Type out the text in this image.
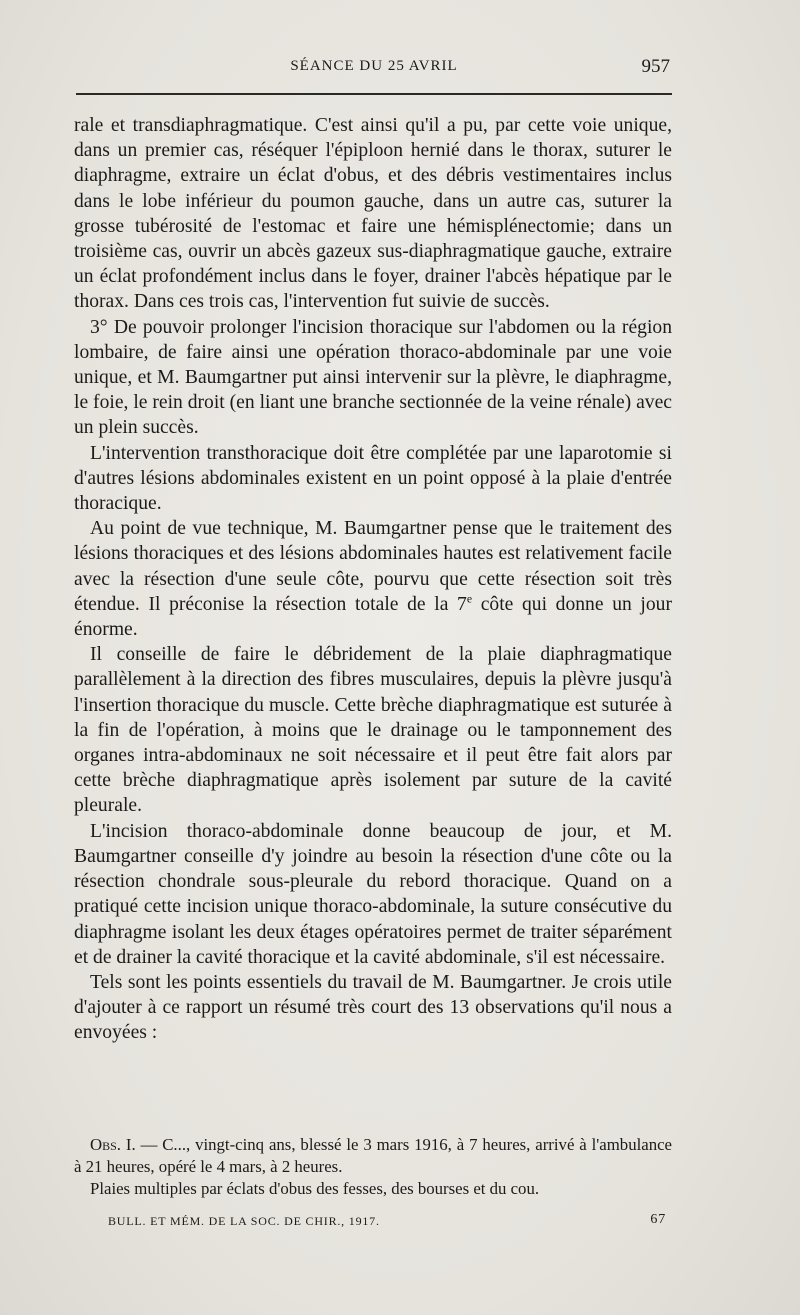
SÉANCE DU 25 AVRIL	957

rale et transdiaphragmatique. C'est ainsi qu'il a pu, par cette voie unique, dans un premier cas, réséquer l'épiploon hernié dans le thorax, suturer le diaphragme, extraire un éclat d'obus, et des débris vestimentaires inclus dans le lobe inférieur du poumon gauche, dans un autre cas, suturer la grosse tubérosité de l'estomac et faire une hémisplénectomie; dans un troisième cas, ouvrir un abcès gazeux sus-diaphragmatique gauche, extraire un éclat profondément inclus dans le foyer, drainer l'abcès hépatique par le thorax. Dans ces trois cas, l'intervention fut suivie de succès.

3° De pouvoir prolonger l'incision thoracique sur l'abdomen ou la région lombaire, de faire ainsi une opération thoraco-abdominale par une voie unique, et M. Baumgartner put ainsi intervenir sur la plèvre, le diaphragme, le foie, le rein droit (en liant une branche sectionnée de la veine rénale) avec un plein succès.

L'intervention transthoracique doit être complétée par une laparotomie si d'autres lésions abdominales existent en un point opposé à la plaie d'entrée thoracique.

Au point de vue technique, M. Baumgartner pense que le traitement des lésions thoraciques et des lésions abdominales hautes est relativement facile avec la résection d'une seule côte, pourvu que cette résection soit très étendue. Il préconise la résection totale de la 7e côte qui donne un jour énorme.

Il conseille de faire le débridement de la plaie diaphragmatique parallèlement à la direction des fibres musculaires, depuis la plèvre jusqu'à l'insertion thoracique du muscle. Cette brèche diaphragmatique est suturée à la fin de l'opération, à moins que le drainage ou le tamponnement des organes intra-abdominaux ne soit nécessaire et il peut être fait alors par cette brèche diaphragmatique après isolement par suture de la cavité pleurale.

L'incision thoraco-abdominale donne beaucoup de jour, et M. Baumgartner conseille d'y joindre au besoin la résection d'une côte ou la résection chondrale sous-pleurale du rebord thoracique. Quand on a pratiqué cette incision unique thoraco-abdominale, la suture consécutive du diaphragme isolant les deux étages opératoires permet de traiter séparément et de drainer la cavité thoracique et la cavité abdominale, s'il est nécessaire.

Tels sont les points essentiels du travail de M. Baumgartner. Je crois utile d'ajouter à ce rapport un résumé très court des 13 observations qu'il nous a envoyées :

Obs. I. — C..., vingt-cinq ans, blessé le 3 mars 1916, à 7 heures, arrivé à l'ambulance à 21 heures, opéré le 4 mars, à 2 heures.

Plaies multiples par éclats d'obus des fesses, des bourses et du cou.

BULL. ET MÉM. DE LA SOC. DE CHIR., 1917.	67
